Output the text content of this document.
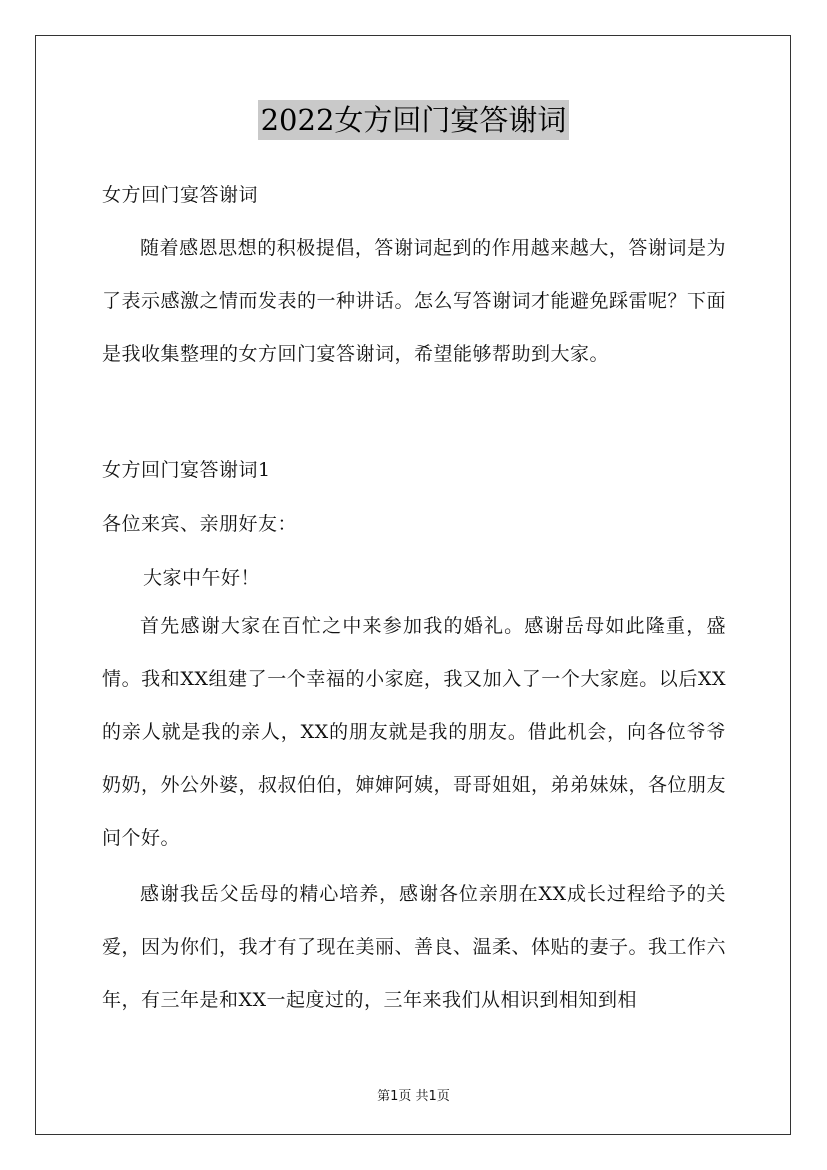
2022女方回门宴答谢词
女方回门宴答谢词
随着感恩思想的积极提倡，答谢词起到的作用越来越大，答谢词是为了表示感激之情而发表的一种讲话。怎么写答谢词才能避免踩雷呢？下面是我收集整理的女方回门宴答谢词，希望能够帮助到大家。
女方回门宴答谢词1
各位来宾、亲朋好友：
大家中午好！
首先感谢大家在百忙之中来参加我的婚礼。感谢岳母如此隆重，盛情。我和XX组建了一个幸福的小家庭，我又加入了一个大家庭。以后XX的亲人就是我的亲人，XX的朋友就是我的朋友。借此机会，向各位爷爷奶奶，外公外婆，叔叔伯伯，婶婶阿姨，哥哥姐姐，弟弟妹妹，各位朋友问个好。
感谢我岳父岳母的精心培养，感谢各位亲朋在XX成长过程给予的关爱，因为你们，我才有了现在美丽、善良、温柔、体贴的妻子。我工作六年，有三年是和XX一起度过的，三年来我们从相识到相知到相
第1页 共1页
